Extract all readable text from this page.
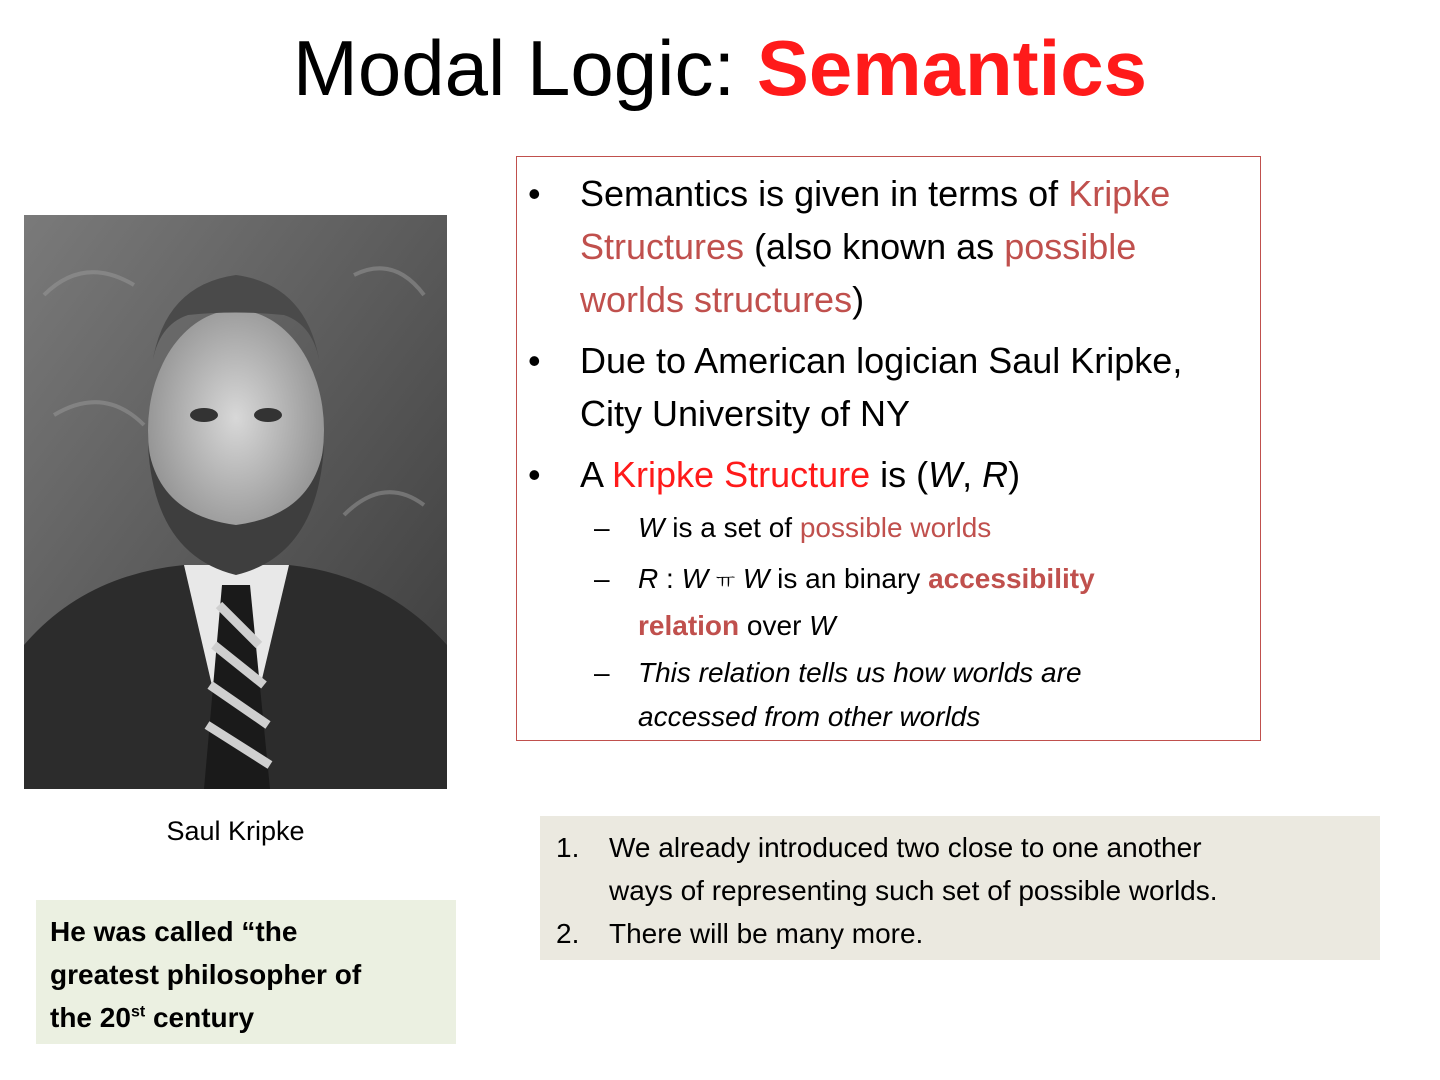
Modal Logic: Semantics
Saul Kripke
• Semantics is given in terms of Kripke
Structures (also known as possible
worlds structures)
• Due to American logician Saul Kripke,
City University of NY
• A Kripke Structure is (W, R)
– W is a set of possible worlds
– R : W ㅠ W is an binary accessibility
relation over W
– This relation tells us how worlds are
accessed from other worlds
1. We already introduced two close to one another
ways of representing such set of possible worlds.
2. There will be many more.
He was called “the
greatest philosopher of
the 20st century
